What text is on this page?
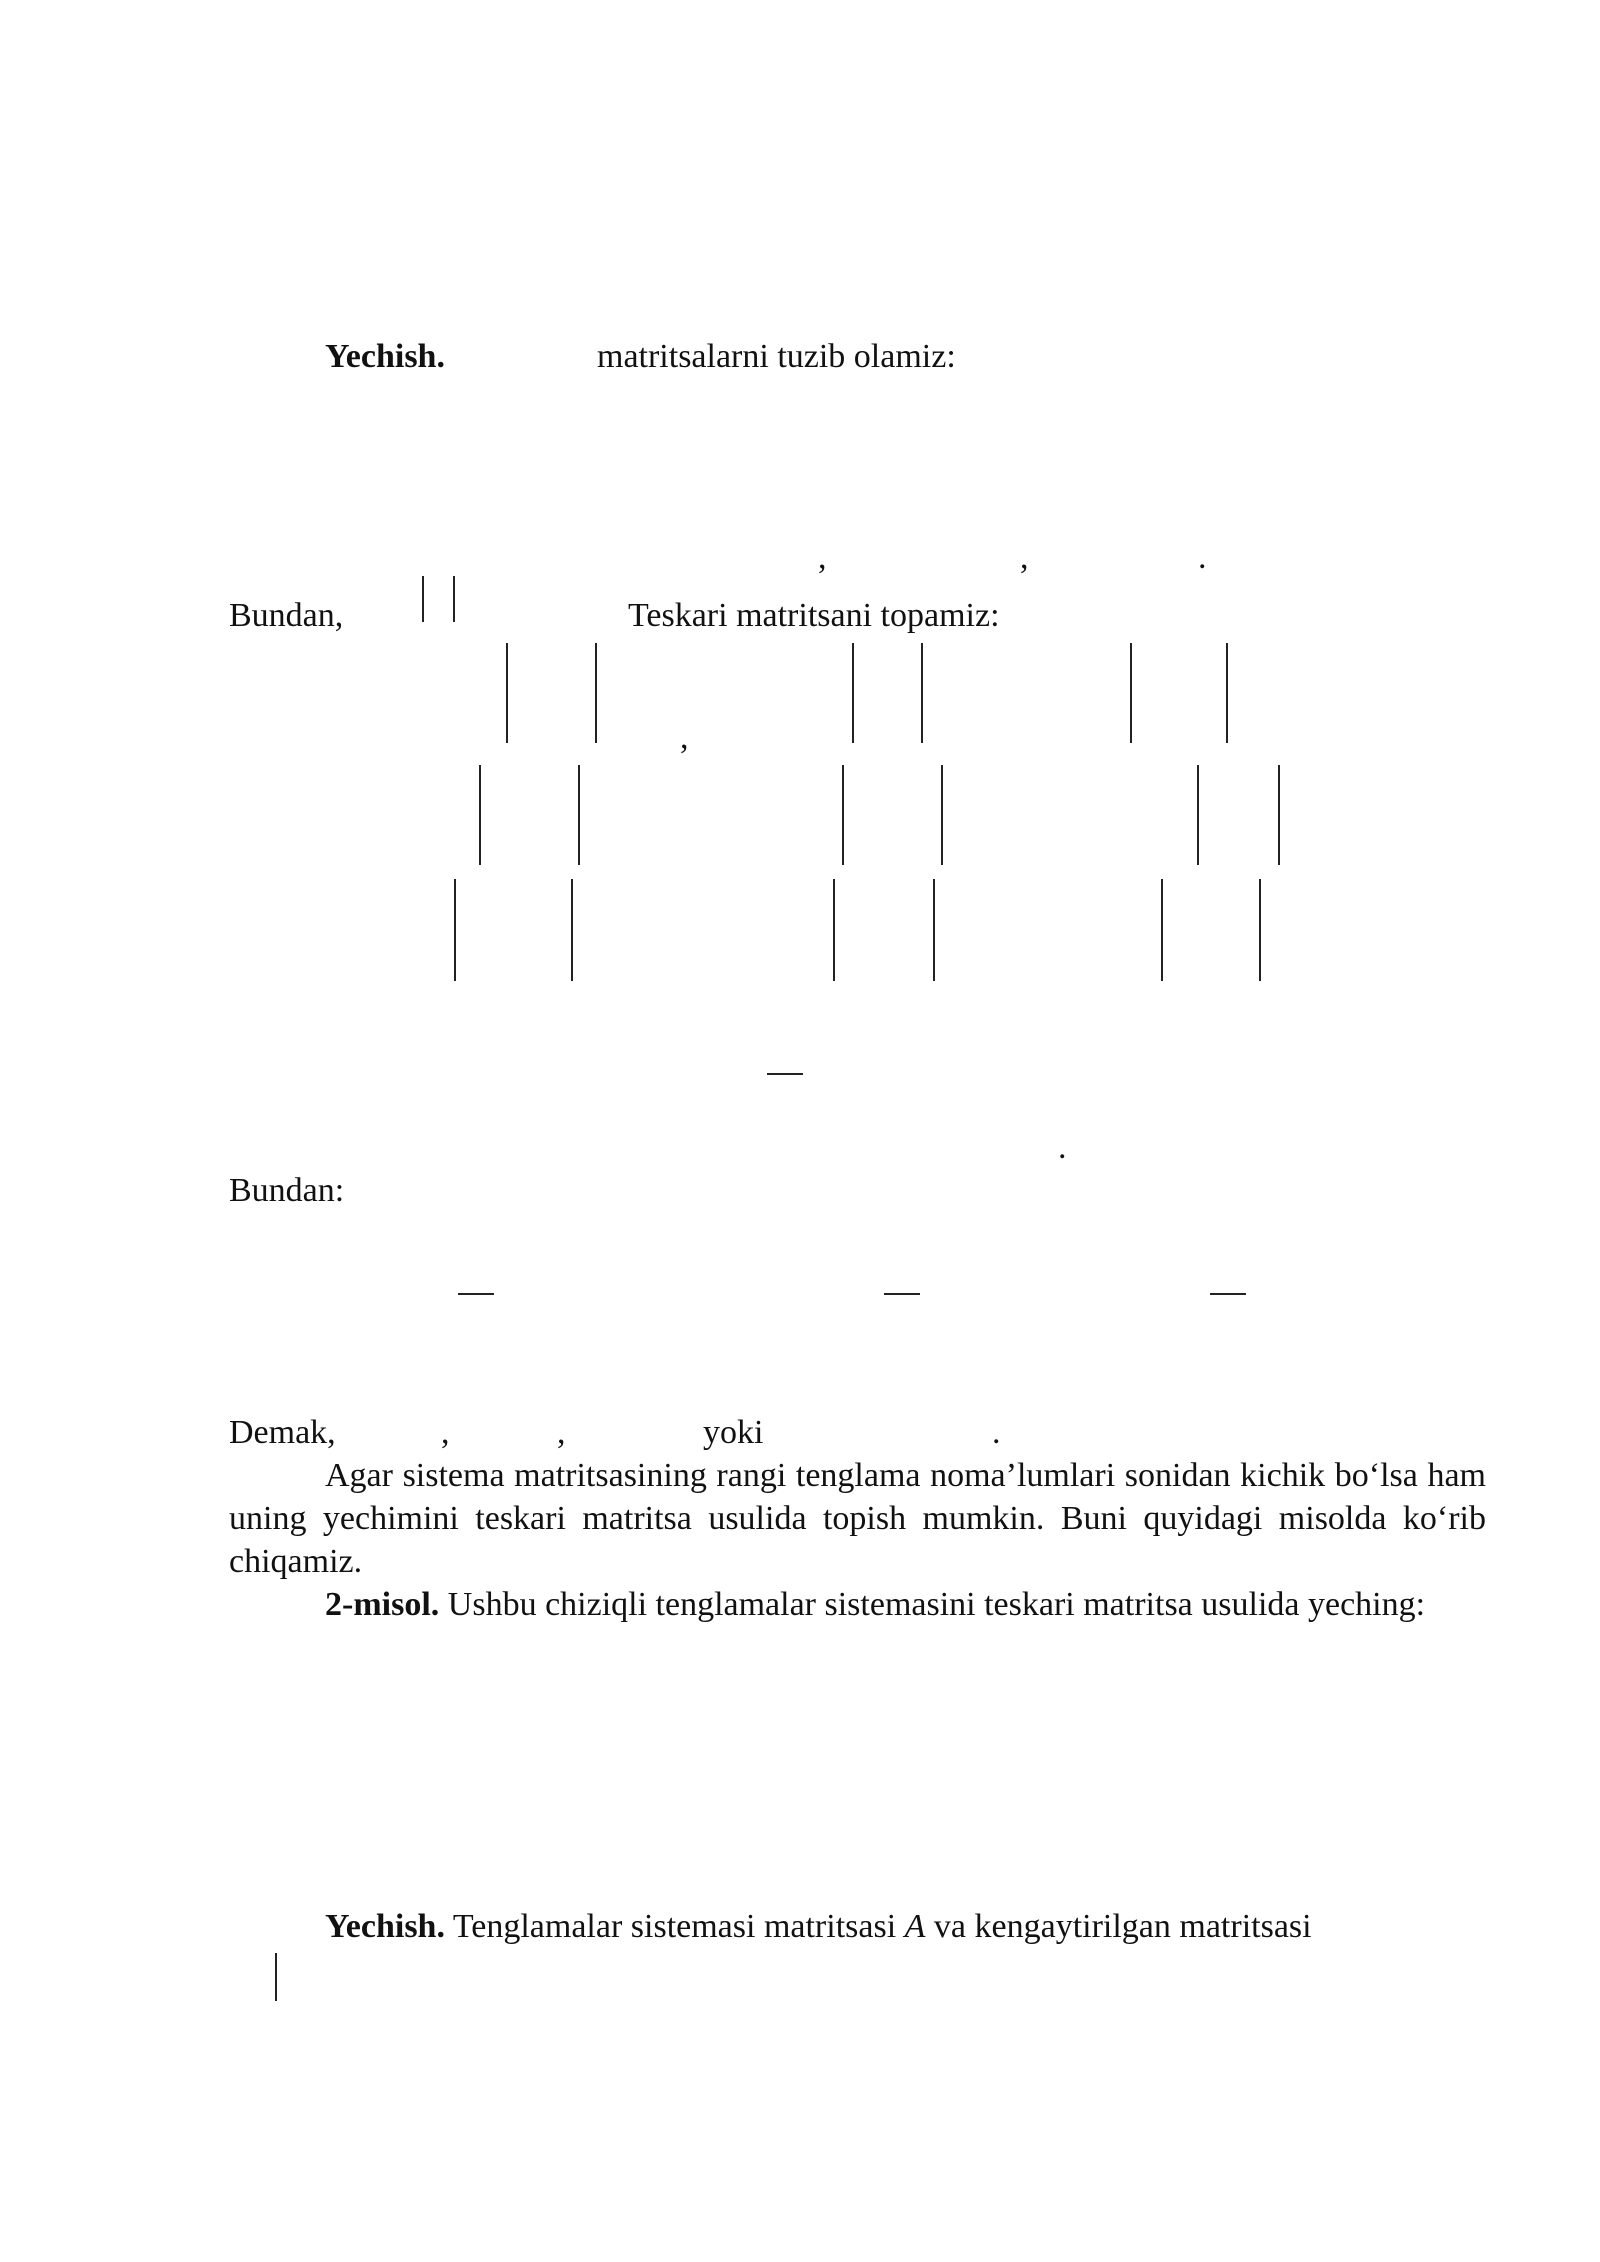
Yechish.	matritsalarni tuzib olamiz:
,	,	.
Bundan,	Teskari matritsani topamiz:
,
.
Bundan:
Demak,	,	,	yoki	.
Agar sistema matritsasining rangi tenglama noma’lumlari sonidan kichik bo‘lsa ham uning yechimini teskari matritsa usulida topish mumkin. Buni quyidagi misolda ko‘rib chiqamiz.
2-misol. Ushbu chiziqli tenglamalar sistemasini teskari matritsa usulida yeching:
Yechish. Tenglamalar sistemasi matritsasi A va kengaytirilgan matritsasi
